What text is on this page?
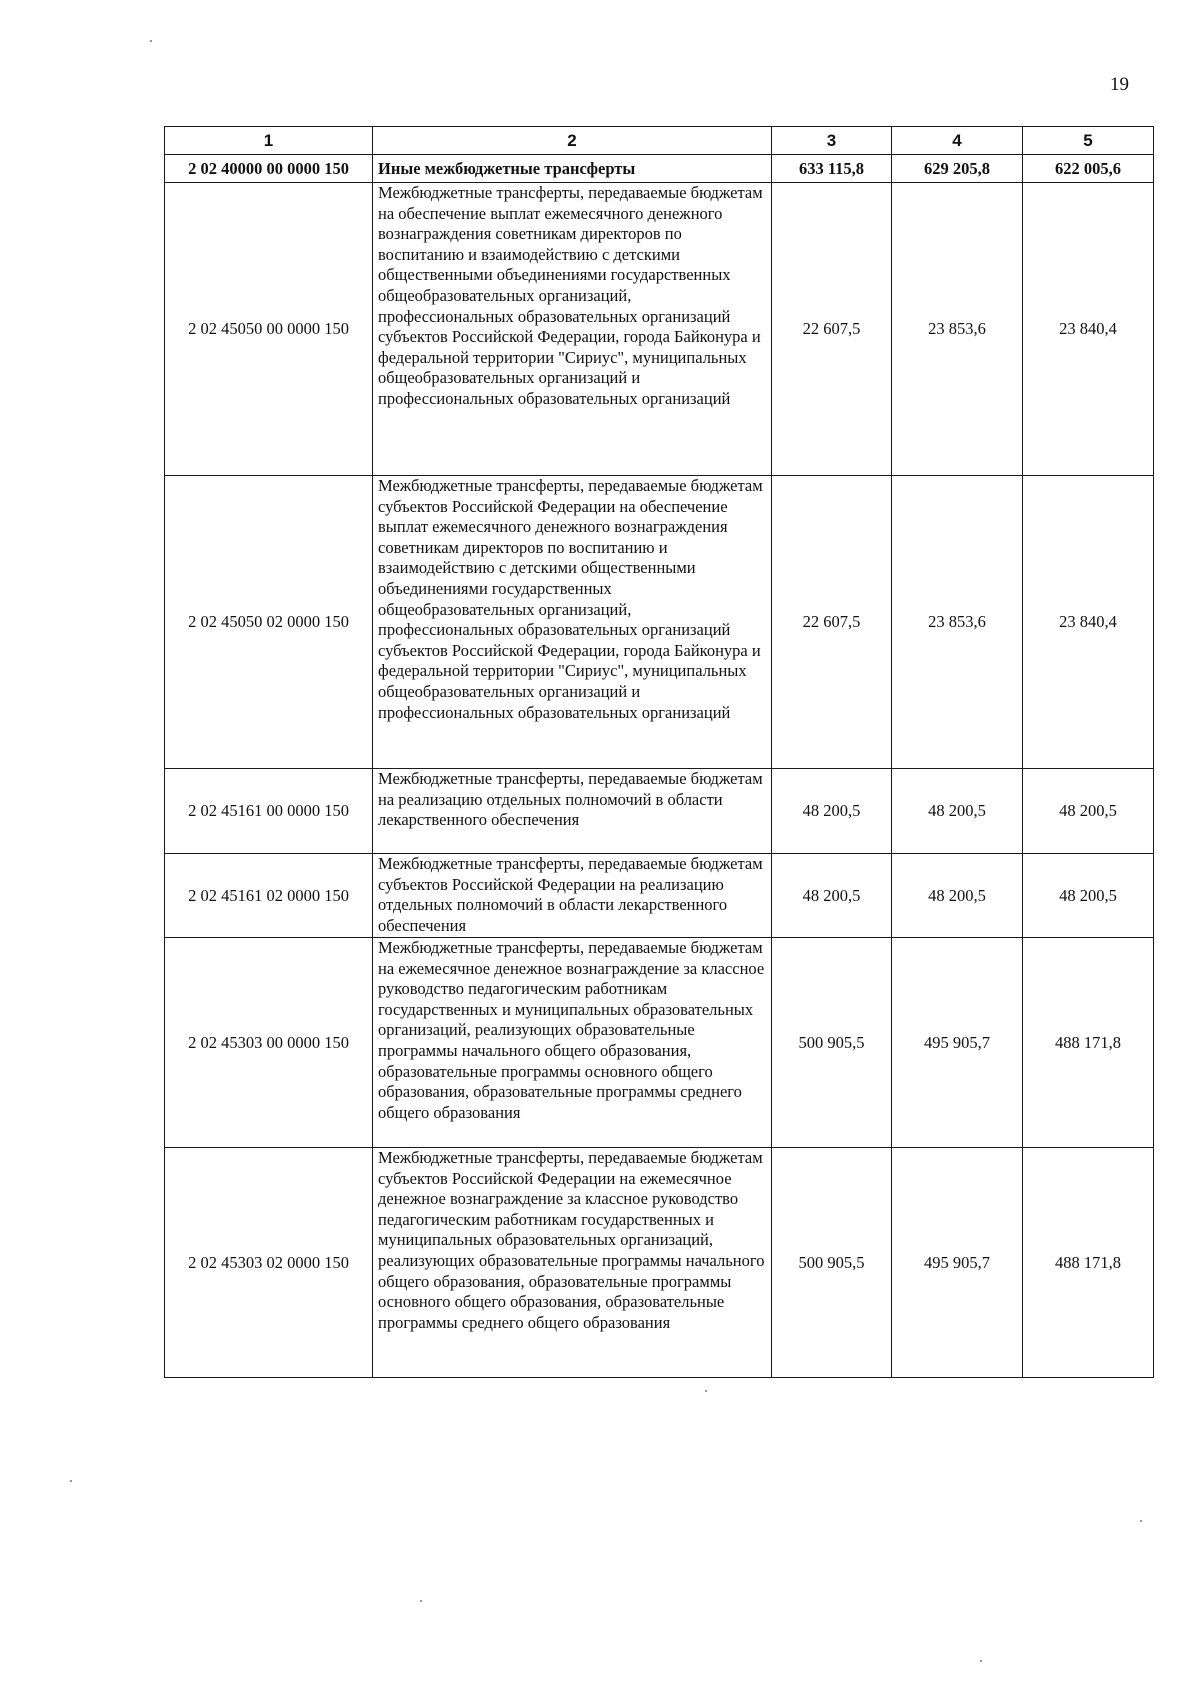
19
1	2	3	4	5
2 02 40000 00 0000 150	Иные межбюджетные трансферты	633 115,8	629 205,8	622 005,6
2 02 45050 00 0000 150	Межбюджетные трансферты, передаваемые бюджетам на обеспечение выплат ежемесячного денежного вознаграждения советникам директоров по воспитанию и взаимодействию с детскими общественными объединениями государственных общеобразовательных организаций, профессиональных образовательных организаций субъектов Российской Федерации, города Байконура и федеральной территории "Сириус", муниципальных общеобразовательных организаций и профессиональных образовательных организаций	22 607,5	23 853,6	23 840,4
2 02 45050 02 0000 150	Межбюджетные трансферты, передаваемые бюджетам субъектов Российской Федерации на обеспечение выплат ежемесячного денежного вознаграждения советникам директоров по воспитанию и взаимодействию с детскими общественными объединениями государственных общеобразовательных организаций, профессиональных образовательных организаций субъектов Российской Федерации, города Байконура и федеральной территории "Сириус", муниципальных общеобразовательных организаций и профессиональных образовательных организаций	22 607,5	23 853,6	23 840,4
2 02 45161 00 0000 150	Межбюджетные трансферты, передаваемые бюджетам на реализацию отдельных полномочий в области лекарственного обеспечения	48 200,5	48 200,5	48 200,5
2 02 45161 02 0000 150	Межбюджетные трансферты, передаваемые бюджетам субъектов Российской Федерации на реализацию отдельных полномочий в области лекарственного обеспечения	48 200,5	48 200,5	48 200,5
2 02 45303 00 0000 150	Межбюджетные трансферты, передаваемые бюджетам на ежемесячное денежное вознаграждение за классное руководство педагогическим работникам государственных и муниципальных образовательных организаций, реализующих образовательные программы начального общего образования, образовательные программы основного общего образования, образовательные программы среднего общего образования	500 905,5	495 905,7	488 171,8
2 02 45303 02 0000 150	Межбюджетные трансферты, передаваемые бюджетам субъектов Российской Федерации на ежемесячное денежное вознаграждение за классное руководство педагогическим работникам государственных и муниципальных образовательных организаций, реализующих образовательные программы начального общего образования, образовательные программы основного общего образования, образовательные программы среднего общего образования	500 905,5	495 905,7	488 171,8
